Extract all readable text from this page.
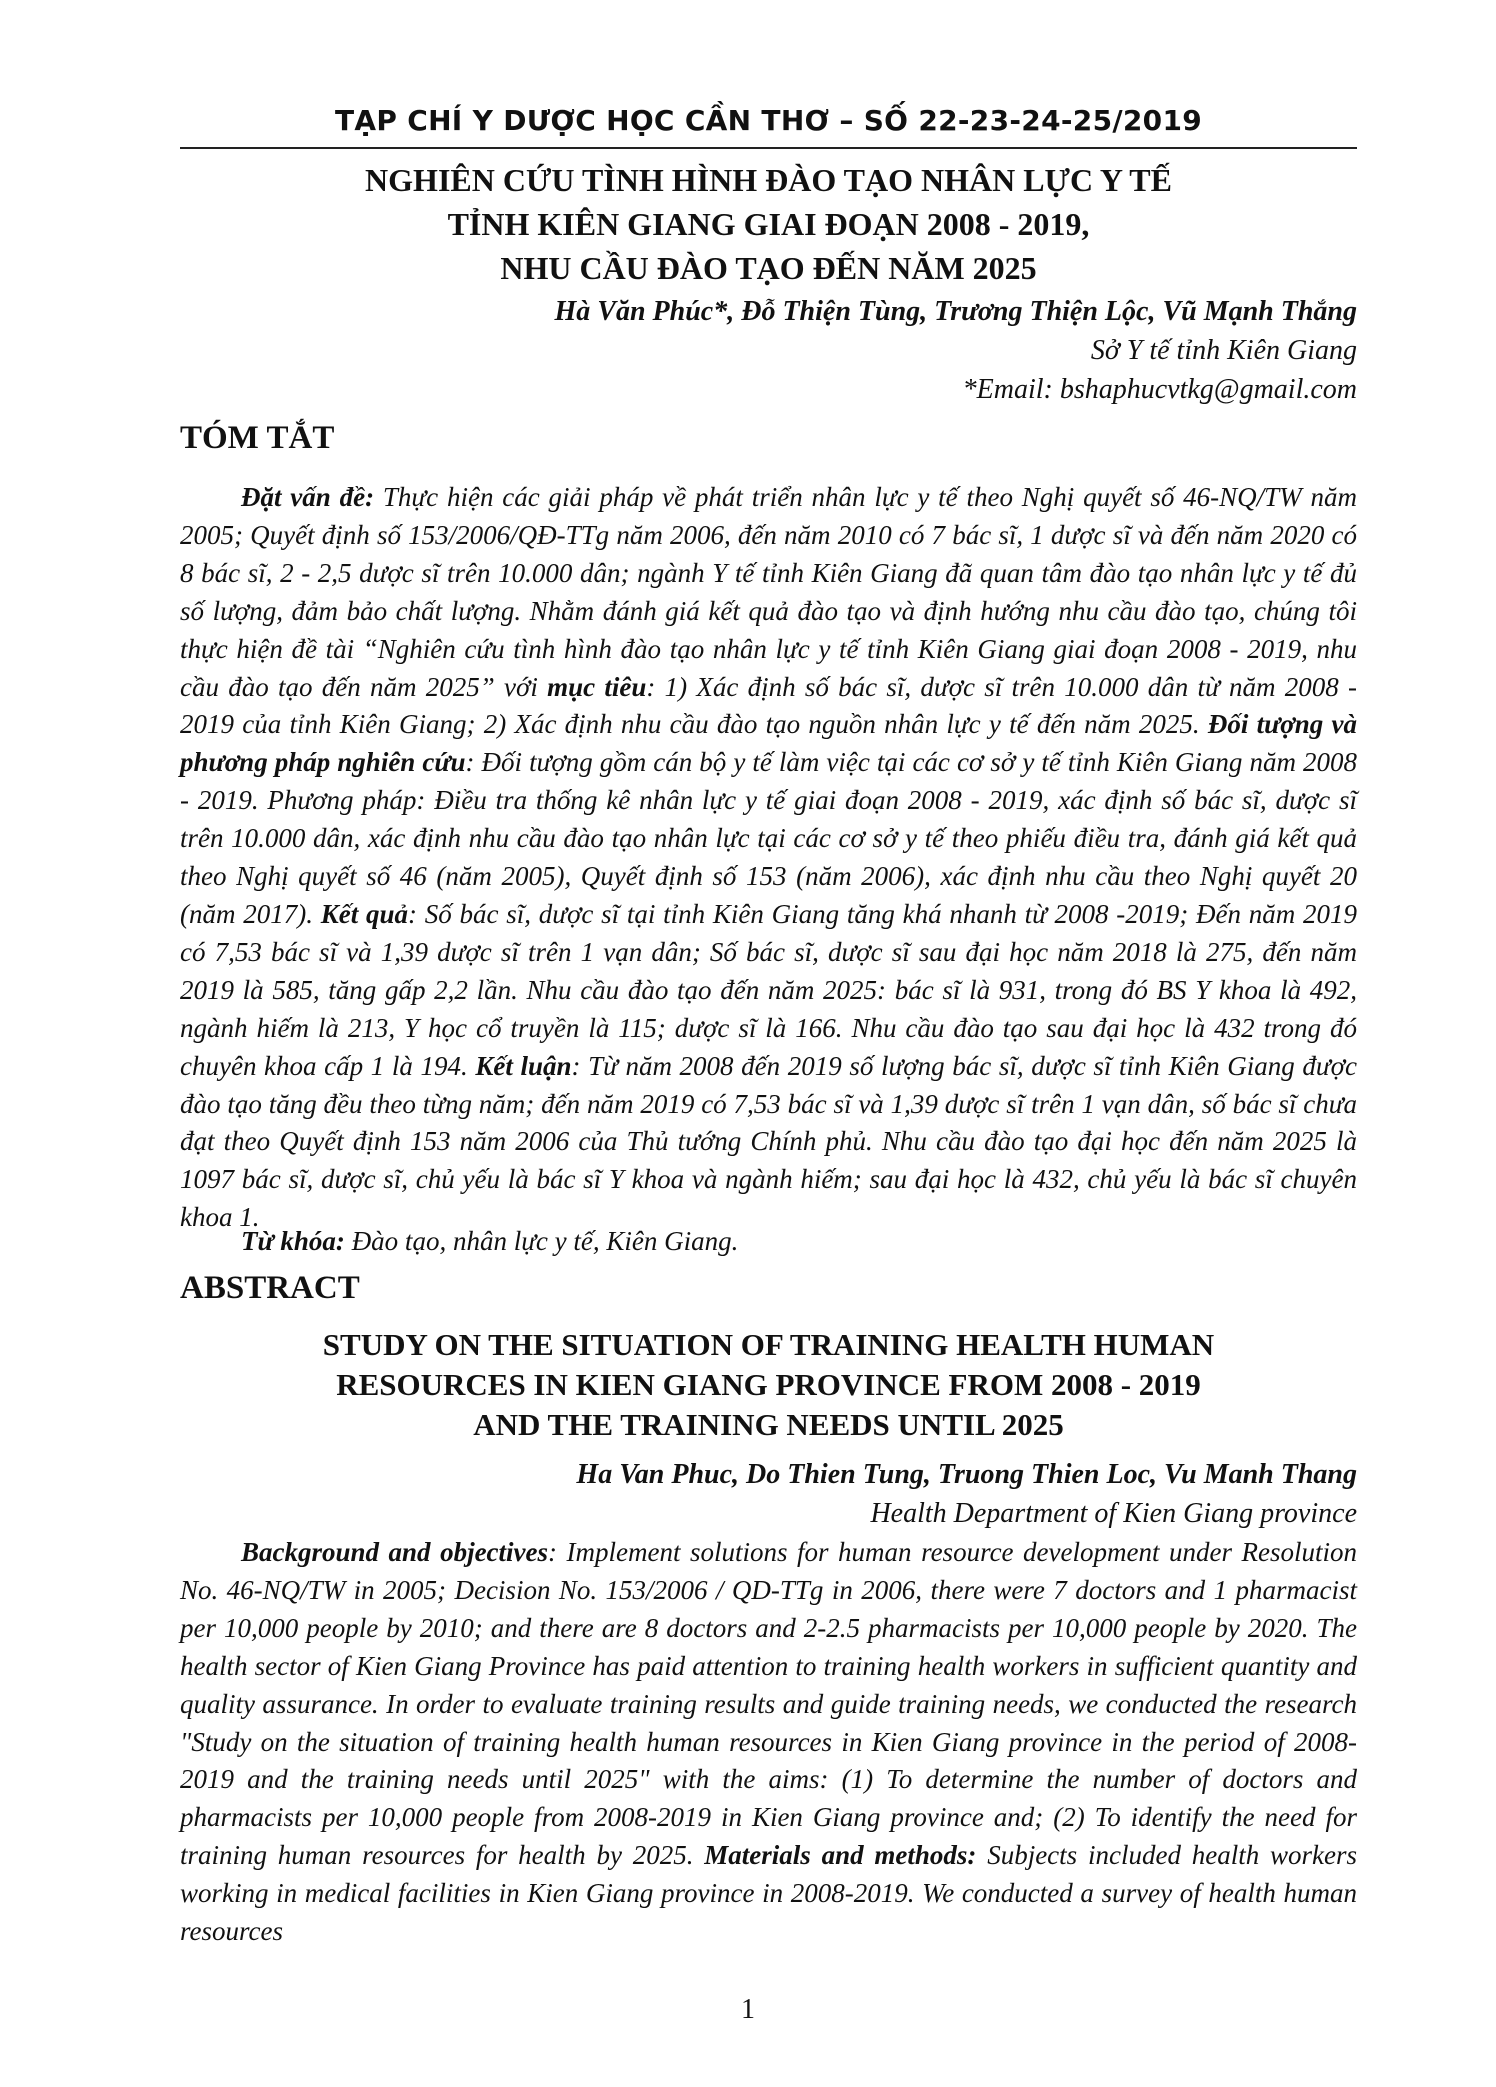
TẠP CHÍ Y DƯỢC HỌC CẦN THƠ – SỐ 22-23-24-25/2019
NGHIÊN CỨU TÌNH HÌNH ĐÀO TẠO NHÂN LỰC Y TẾ
TỈNH KIÊN GIANG GIAI ĐOẠN 2008 - 2019,
NHU CẦU ĐÀO TẠO ĐẾN NĂM 2025
Hà Văn Phúc*, Đỗ Thiện Tùng, Trương Thiện Lộc, Vũ Mạnh Thắng
Sở Y tế tỉnh Kiên Giang
*Email: bshaphucvtkg@gmail.com
TÓM TẮT

Đặt vấn đề: Thực hiện các giải pháp về phát triển nhân lực y tế theo Nghị quyết số 46-NQ/TW năm 2005; Quyết định số 153/2006/QĐ-TTg năm 2006, đến năm 2010 có 7 bác sĩ, 1 dược sĩ và đến năm 2020 có 8 bác sĩ, 2 - 2,5 dược sĩ trên 10.000 dân; ngành Y tế tỉnh Kiên Giang đã quan tâm đào tạo nhân lực y tế đủ số lượng, đảm bảo chất lượng. Nhằm đánh giá kết quả đào tạo và định hướng nhu cầu đào tạo, chúng tôi thực hiện đề tài “Nghiên cứu tình hình đào tạo nhân lực y tế tỉnh Kiên Giang giai đoạn 2008 - 2019, nhu cầu đào tạo đến năm 2025” với mục tiêu: 1) Xác định số bác sĩ, dược sĩ trên 10.000 dân từ năm 2008 - 2019 của tỉnh Kiên Giang; 2) Xác định nhu cầu đào tạo nguồn nhân lực y tế đến năm 2025. Đối tượng và phương pháp nghiên cứu: Đối tượng gồm cán bộ y tế làm việc tại các cơ sở y tế tỉnh Kiên Giang năm 2008 - 2019. Phương pháp: Điều tra thống kê nhân lực y tế giai đoạn 2008 - 2019, xác định số bác sĩ, dược sĩ trên 10.000 dân, xác định nhu cầu đào tạo nhân lực tại các cơ sở y tế theo phiếu điều tra, đánh giá kết quả theo Nghị quyết số 46 (năm 2005), Quyết định số 153 (năm 2006), xác định nhu cầu theo Nghị quyết 20 (năm 2017). Kết quả: Số bác sĩ, dược sĩ tại tỉnh Kiên Giang tăng khá nhanh từ 2008 -2019; Đến năm 2019 có 7,53 bác sĩ và 1,39 dược sĩ trên 1 vạn dân; Số bác sĩ, dược sĩ sau đại học năm 2018 là 275, đến năm 2019 là 585, tăng gấp 2,2 lần. Nhu cầu đào tạo đến năm 2025: bác sĩ là 931, trong đó BS Y khoa là 492, ngành hiếm là 213, Y học cổ truyền là 115; dược sĩ là 166. Nhu cầu đào tạo sau đại học là 432 trong đó chuyên khoa cấp 1 là 194. Kết luận: Từ năm 2008 đến 2019 số lượng bác sĩ, dược sĩ tỉnh Kiên Giang được đào tạo tăng đều theo từng năm; đến năm 2019 có 7,53 bác sĩ và 1,39 dược sĩ trên 1 vạn dân, số bác sĩ chưa đạt theo Quyết định 153 năm 2006 của Thủ tướng Chính phủ. Nhu cầu đào tạo đại học đến năm 2025 là 1097 bác sĩ, dược sĩ, chủ yếu là bác sĩ Y khoa và ngành hiếm; sau đại học là 432, chủ yếu là bác sĩ chuyên khoa 1.

Từ khóa: Đào tạo, nhân lực y tế, Kiên Giang.
ABSTRACT
STUDY ON THE SITUATION OF TRAINING HEALTH HUMAN
RESOURCES IN KIEN GIANG PROVINCE FROM 2008 - 2019
AND THE TRAINING NEEDS UNTIL 2025
Ha Van Phuc, Do Thien Tung, Truong Thien Loc, Vu Manh Thang
Health Department of Kien Giang province

Background and objectives: Implement solutions for human resource development under Resolution No. 46-NQ/TW in 2005; Decision No. 153/2006 / QD-TTg in 2006, there were 7 doctors and 1 pharmacist per 10,000 people by 2010; and there are 8 doctors and 2-2.5 pharmacists per 10,000 people by 2020. The health sector of Kien Giang Province has paid attention to training health workers in sufficient quantity and quality assurance. In order to evaluate training results and guide training needs, we conducted the research "Study on the situation of training health human resources in Kien Giang province in the period of 2008-2019 and the training needs until 2025" with the aims: (1) To determine the number of doctors and pharmacists per 10,000 people from 2008-2019 in Kien Giang province and; (2) To identify the need for training human resources for health by 2025. Materials and methods: Subjects included health workers working in medical facilities in Kien Giang province in 2008-2019. We conducted a survey of health human resources

1
